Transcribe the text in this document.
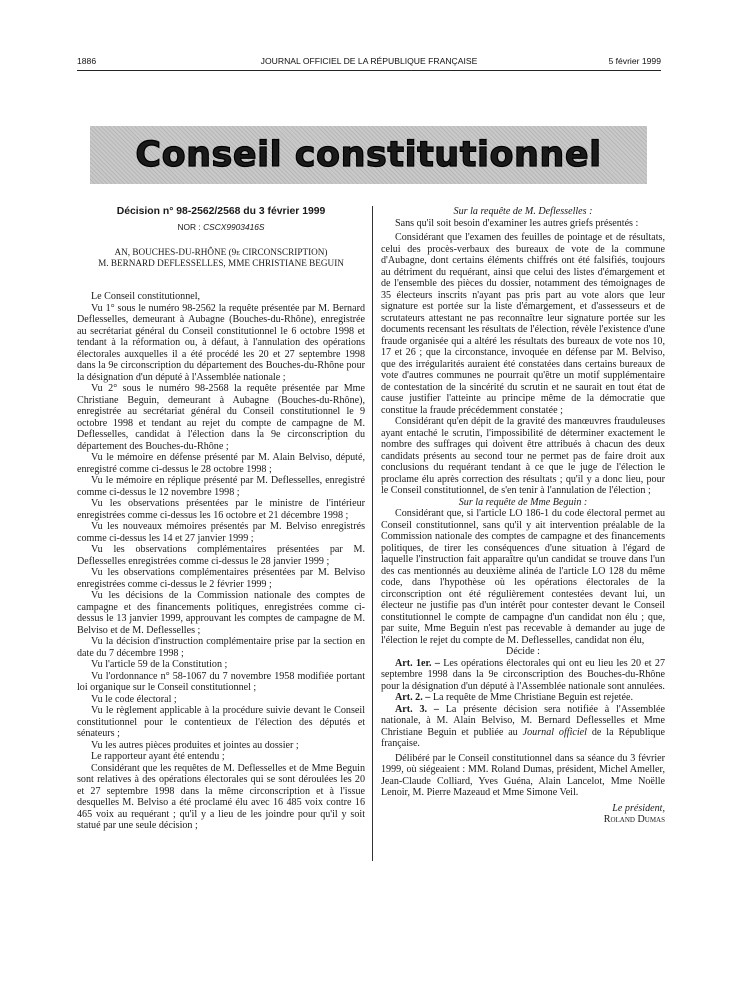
1886	JOURNAL OFFICIEL DE LA RÉPUBLIQUE FRANÇAISE	5 février 1999
Conseil constitutionnel

Décision n° 98-2562/2568 du 3 février 1999

NOR : CSCX9903416S

AN, BOUCHES-DU-RHÔNE (9e CIRCONSCRIPTION)

M. BERNARD DEFLESSELLES, MME CHRISTIANE BEGUIN

Le Conseil constitutionnel,

Vu 1° sous le numéro 98-2562 la requête présentée par M. Bernard Deflesselles, demeurant à Aubagne (Bouches-du-Rhône), enregistrée au secrétariat général du Conseil constitutionnel le 6 octobre 1998 et tendant à la réformation ou, à défaut, à l'annulation des opérations électorales auxquelles il a été procédé les 20 et 27 septembre 1998 dans la 9e circonscription du département des Bouches-du-Rhône pour la désignation d'un député à l'Assemblée nationale ;

Vu 2° sous le numéro 98-2568 la requête présentée par Mme Christiane Beguin, demeurant à Aubagne (Bouches-du-Rhône), enregistrée au secrétariat général du Conseil constitutionnel le 9 octobre 1998 et tendant au rejet du compte de campagne de M. Deflesselles, candidat à l'élection dans la 9e circonscription du département des Bouches-du-Rhône ;

Vu le mémoire en défense présenté par M. Alain Belviso, député, enregistré comme ci-dessus le 28 octobre 1998 ;

Vu le mémoire en réplique présenté par M. Deflesselles, enregistré comme ci-dessus le 12 novembre 1998 ;

Vu les observations présentées par le ministre de l'intérieur enregistrées comme ci-dessus les 16 octobre et 21 décembre 1998 ;

Vu les nouveaux mémoires présentés par M. Belviso enregistrés comme ci-dessus les 14 et 27 janvier 1999 ;

Vu les observations complémentaires présentées par M. Deflesselles enregistrées comme ci-dessus le 28 janvier 1999 ;

Vu les observations complémentaires présentées par M. Belviso enregistrées comme ci-dessus le 2 février 1999 ;

Vu les décisions de la Commission nationale des comptes de campagne et des financements politiques, enregistrées comme ci-dessus le 13 janvier 1999, approuvant les comptes de campagne de M. Belviso et de M. Deflesselles ;

Vu la décision d'instruction complémentaire prise par la section en date du 7 décembre 1998 ;

Vu l'article 59 de la Constitution ;

Vu l'ordonnance n° 58-1067 du 7 novembre 1958 modifiée portant loi organique sur le Conseil constitutionnel ;

Vu le code électoral ;

Vu le règlement applicable à la procédure suivie devant le Conseil constitutionnel pour le contentieux de l'élection des députés et sénateurs ;

Vu les autres pièces produites et jointes au dossier ;

Le rapporteur ayant été entendu ;

Considérant que les requêtes de M. Deflesselles et de Mme Beguin sont relatives à des opérations électorales qui se sont déroulées les 20 et 27 septembre 1998 dans la même circonscription et à l'issue desquelles M. Belviso a été proclamé élu avec 16 485 voix contre 16 465 voix au requérant ; qu'il y a lieu de les joindre pour qu'il y soit statué par une seule décision ;

Sur la requête de M. Deflesselles :

Sans qu'il soit besoin d'examiner les autres griefs présentés :

Considérant que l'examen des feuilles de pointage et de résultats, celui des procès-verbaux des bureaux de vote de la commune d'Aubagne, dont certains éléments chiffrés ont été falsifiés, toujours au détriment du requérant, ainsi que celui des listes d'émargement et de l'ensemble des pièces du dossier, notamment des témoignages de 35 électeurs inscrits n'ayant pas pris part au vote alors que leur signature est portée sur la liste d'émargement, et d'assesseurs et de scrutateurs attestant ne pas reconnaître leur signature portée sur les documents recensant les résultats de l'élection, révèle l'existence d'une fraude organisée qui a altéré les résultats des bureaux de vote nos 10, 17 et 26 ; que la circonstance, invoquée en défense par M. Belviso, que des irrégularités auraient été constatées dans certains bureaux de vote d'autres communes ne pourrait qu'être un motif supplémentaire de contestation de la sincérité du scrutin et ne saurait en tout état de cause justifier l'atteinte au principe même de la démocratie que constitue la fraude précédemment constatée ;

Considérant qu'en dépit de la gravité des manœuvres frauduleuses ayant entaché le scrutin, l'impossibilité de déterminer exactement le nombre des suffrages qui doivent être attribués à chacun des deux candidats présents au second tour ne permet pas de faire droit aux conclusions du requérant tendant à ce que le juge de l'élection le proclame élu après correction des résultats ; qu'il y a donc lieu, pour le Conseil constitutionnel, de s'en tenir à l'annulation de l'élection ;

Sur la requête de Mme Beguin :

Considérant que, si l'article LO 186-1 du code électoral permet au Conseil constitutionnel, sans qu'il y ait intervention préalable de la Commission nationale des comptes de campagne et des financements politiques, de tirer les conséquences d'une situation à l'égard de laquelle l'instruction fait apparaître qu'un candidat se trouve dans l'un des cas mentionnés au deuxième alinéa de l'article LO 128 du même code, dans l'hypothèse où les opérations électorales de la circonscription ont été régulièrement contestées devant lui, un électeur ne justifie pas d'un intérêt pour contester devant le Conseil constitutionnel le compte de campagne d'un candidat non élu ; que, par suite, Mme Beguin n'est pas recevable à demander au juge de l'élection le rejet du compte de M. Deflesselles, candidat non élu,

Décide :

Art. 1er. – Les opérations électorales qui ont eu lieu les 20 et 27 septembre 1998 dans la 9e circonscription des Bouches-du-Rhône pour la désignation d'un député à l'Assemblée nationale sont annulées.

Art. 2. – La requête de Mme Christiane Beguin est rejetée.

Art. 3. – La présente décision sera notifiée à l'Assemblée nationale, à M. Alain Belviso, M. Bernard Deflesselles et Mme Christiane Beguin et publiée au Journal officiel de la République française.

Délibéré par le Conseil constitutionnel dans sa séance du 3 février 1999, où siégeaient : MM. Roland Dumas, président, Michel Ameller, Jean-Claude Colliard, Yves Guéna, Alain Lancelot, Mme Noëlle Lenoir, M. Pierre Mazeaud et Mme Simone Veil.

Le président,

Roland Dumas
